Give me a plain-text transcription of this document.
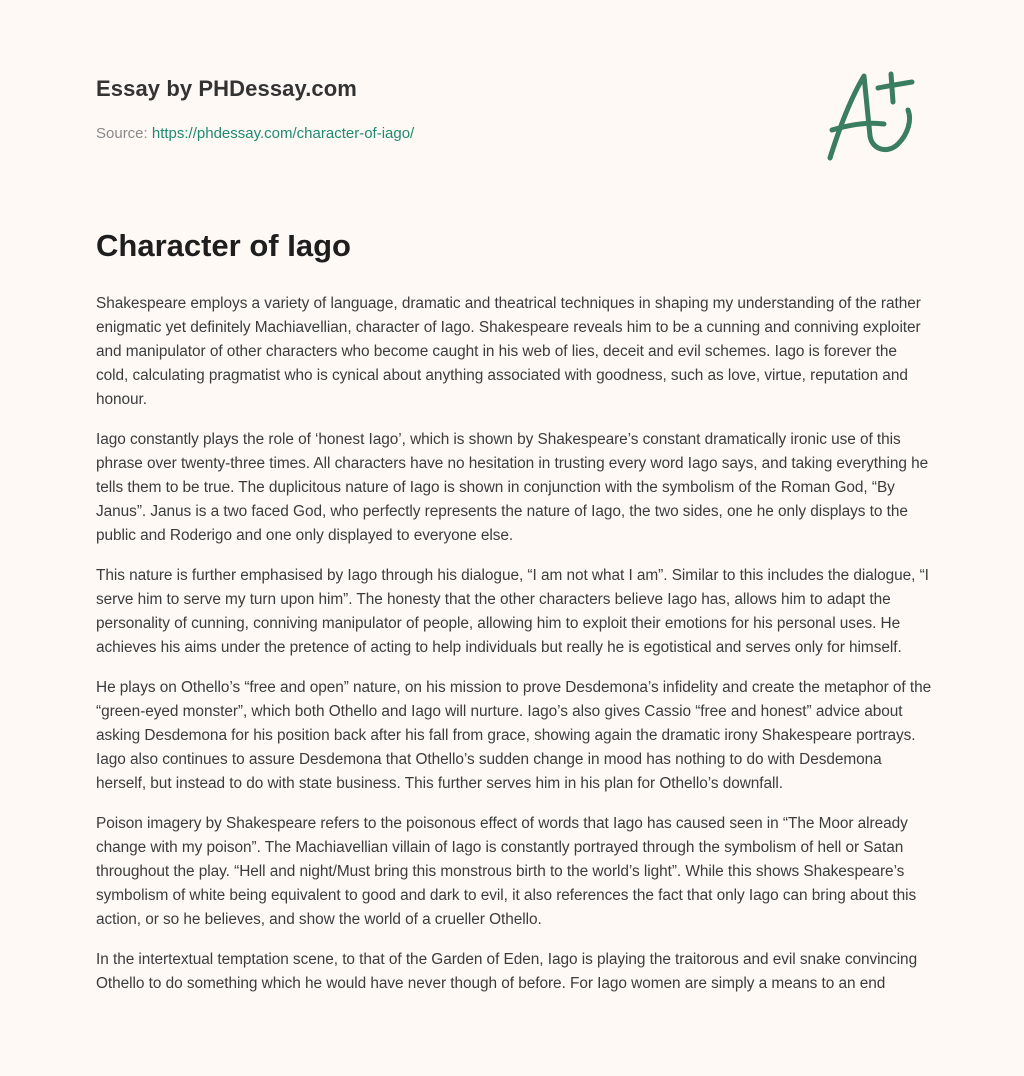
Essay by PHDessay.com
Source: https://phdessay.com/character-of-iago/
Character of Iago

Shakespeare employs a variety of language, dramatic and theatrical techniques in shaping my understanding of the rather enigmatic yet definitely Machiavellian, character of Iago. Shakespeare reveals him to be a cunning and conniving exploiter and manipulator of other characters who become caught in his web of lies, deceit and evil schemes. Iago is forever the cold, calculating pragmatist who is cynical about anything associated with goodness, such as love, virtue, reputation and honour.

Iago constantly plays the role of ‘honest Iago’, which is shown by Shakespeare’s constant dramatically ironic use of this phrase over twenty-three times. All characters have no hesitation in trusting every word Iago says, and taking everything he tells them to be true. The duplicitous nature of Iago is shown in conjunction with the symbolism of the Roman God, “By Janus”. Janus is a two faced God, who perfectly represents the nature of Iago, the two sides, one he only displays to the public and Roderigo and one only displayed to everyone else.

This nature is further emphasised by Iago through his dialogue, “I am not what I am”. Similar to this includes the dialogue, “I serve him to serve my turn upon him”. The honesty that the other characters believe Iago has, allows him to adapt the personality of cunning, conniving manipulator of people, allowing him to exploit their emotions for his personal uses. He achieves his aims under the pretence of acting to help individuals but really he is egotistical and serves only for himself.

He plays on Othello’s “free and open” nature, on his mission to prove Desdemona’s infidelity and create the metaphor of the “green-eyed monster”, which both Othello and Iago will nurture. Iago’s also gives Cassio “free and honest” advice about asking Desdemona for his position back after his fall from grace, showing again the dramatic irony Shakespeare portrays. Iago also continues to assure Desdemona that Othello’s sudden change in mood has nothing to do with Desdemona herself, but instead to do with state business. This further serves him in his plan for Othello’s downfall.

Poison imagery by Shakespeare refers to the poisonous effect of words that Iago has caused seen in “The Moor already change with my poison”. The Machiavellian villain of Iago is constantly portrayed through the symbolism of hell or Satan throughout the play. “Hell and night/Must bring this monstrous birth to the world’s light”. While this shows Shakespeare’s symbolism of white being equivalent to good and dark to evil, it also references the fact that only Iago can bring about this action, or so he believes, and show the world of a crueller Othello.

In the intertextual temptation scene, to that of the Garden of Eden, Iago is playing the traitorous and evil snake convincing Othello to do something which he would have never though of before. For Iago women are simply a means to an end
